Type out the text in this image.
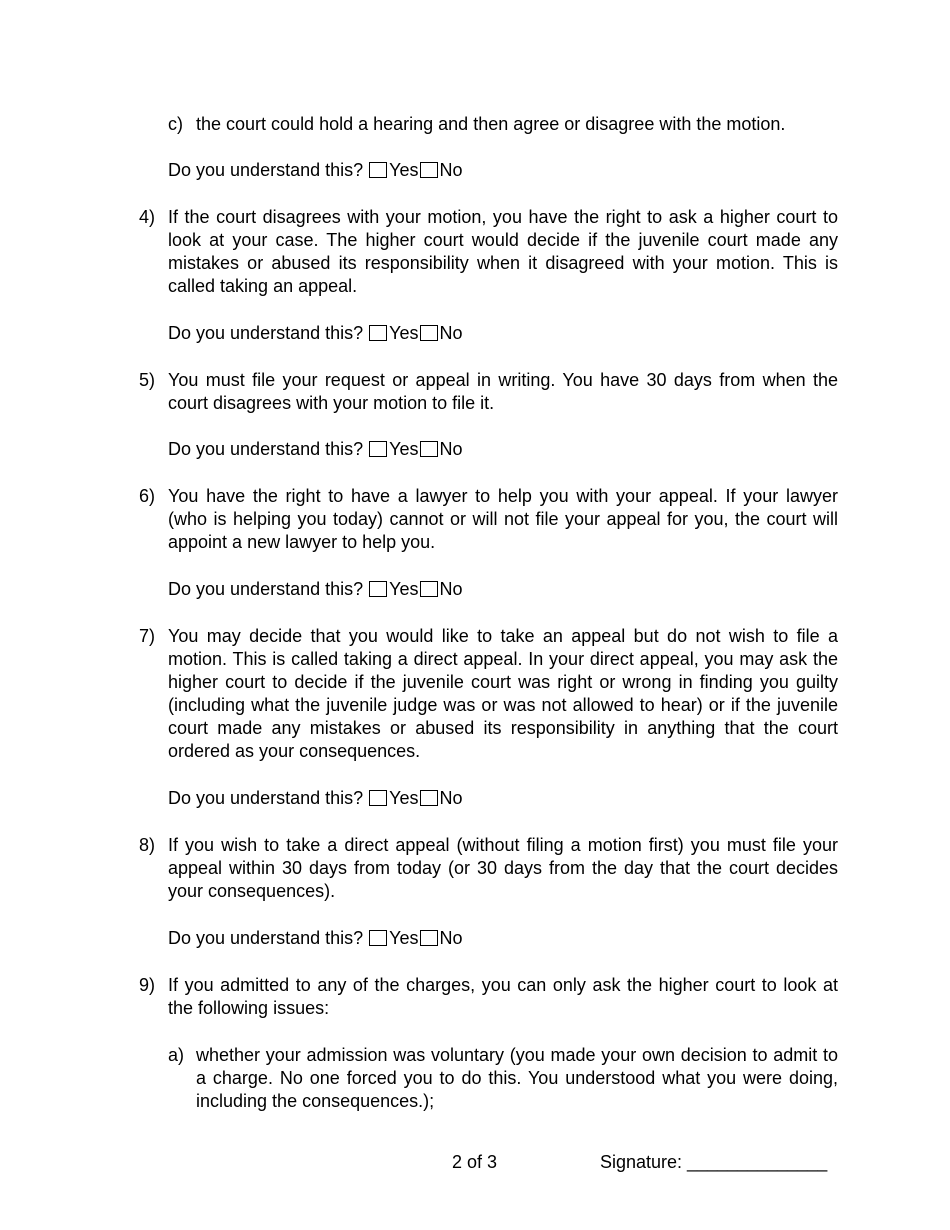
c) the court could hold a hearing and then agree or disagree with the motion.
Do you understand this? Yes No
4) If the court disagrees with your motion, you have the right to ask a higher court to look at your case. The higher court would decide if the juvenile court made any mistakes or abused its responsibility when it disagreed with your motion. This is called taking an appeal.
Do you understand this? Yes No
5) You must file your request or appeal in writing. You have 30 days from when the court disagrees with your motion to file it.
Do you understand this? Yes No
6) You have the right to have a lawyer to help you with your appeal. If your lawyer (who is helping you today) cannot or will not file your appeal for you, the court will appoint a new lawyer to help you.
Do you understand this? Yes No
7) You may decide that you would like to take an appeal but do not wish to file a motion. This is called taking a direct appeal. In your direct appeal, you may ask the higher court to decide if the juvenile court was right or wrong in finding you guilty (including what the juvenile judge was or was not allowed to hear) or if the juvenile court made any mistakes or abused its responsibility in anything that the court ordered as your consequences.
Do you understand this? Yes No
8) If you wish to take a direct appeal (without filing a motion first) you must file your appeal within 30 days from today (or 30 days from the day that the court decides your consequences).
Do you understand this? Yes No
9) If you admitted to any of the charges, you can only ask the higher court to look at the following issues:
a) whether your admission was voluntary (you made your own decision to admit to a charge. No one forced you to do this. You understood what you were doing, including the consequences.);
2 of 3	Signature: ______________
